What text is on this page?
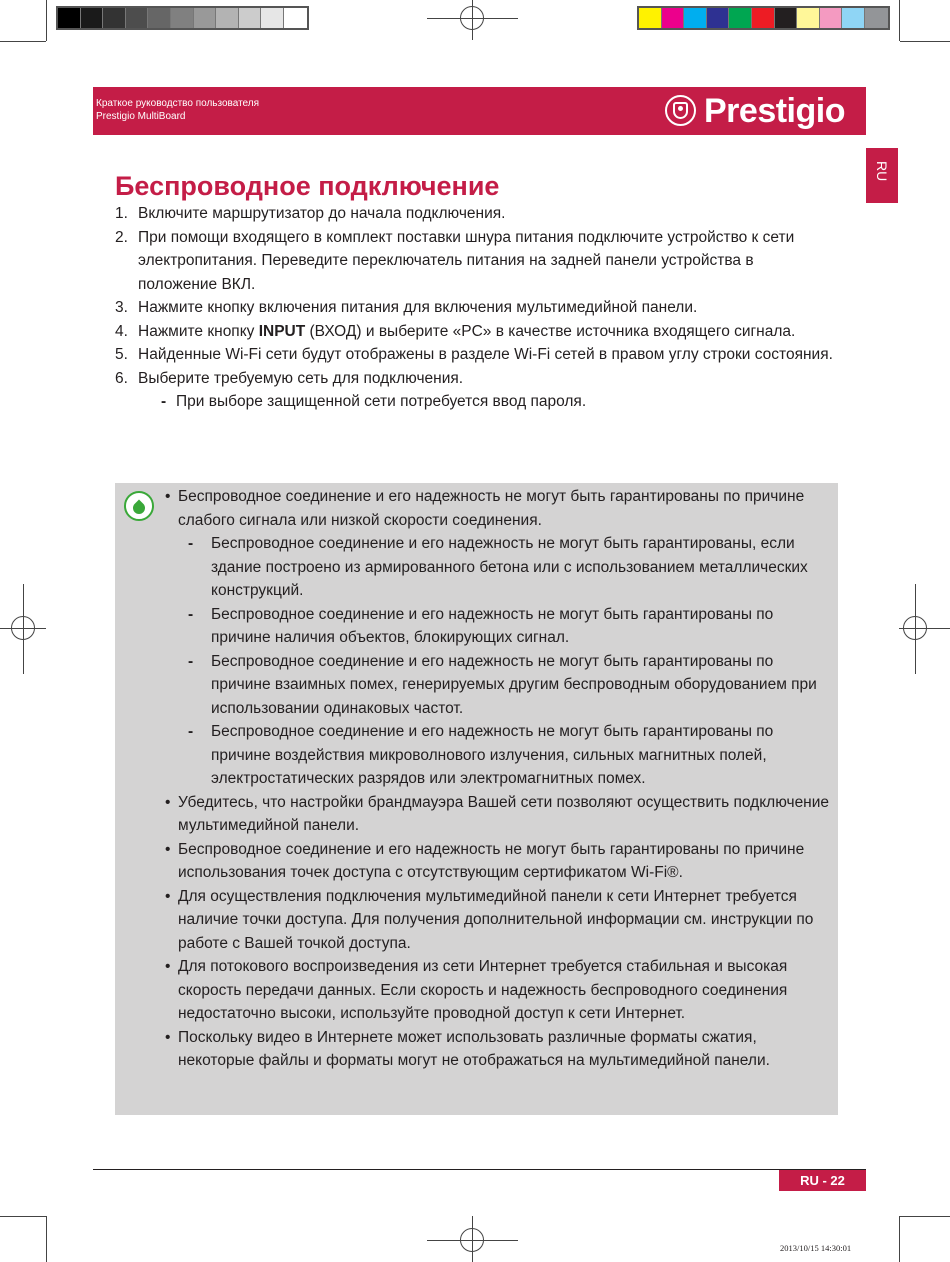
Краткое руководство пользователя
Prestigio MultiBoard	Prestigio
RU
Беспроводное подключение
1. Включите маршрутизатор до начала подключения.
2. При помощи входящего в комплект поставки шнура питания подключите устройство к сети электропитания. Переведите переключатель питания на задней панели устройства в положение ВКЛ.
3. Нажмите кнопку включения питания для включения мультимедийной панели.
4. Нажмите кнопку INPUT (ВХОД) и выберите «PC» в качестве источника входящего сигнала.
5. Найденные Wi-Fi сети будут отображены в разделе Wi-Fi сетей в правом углу строки состояния.
6. Выберите требуемую сеть для подключения.
- При выборе защищенной сети потребуется ввод пароля.
• Беспроводное соединение и его надежность не могут быть гарантированы по причине слабого сигнала или низкой скорости соединения.
- Беспроводное соединение и его надежность не могут быть гарантированы, если здание построено из армированного бетона или с использованием металлических конструкций.
- Беспроводное соединение и его надежность не могут быть гарантированы по причине наличия объектов, блокирующих сигнал.
- Беспроводное соединение и его надежность не могут быть гарантированы по причине взаимных помех, генерируемых другим беспроводным оборудованием при использовании одинаковых частот.
- Беспроводное соединение и его надежность не могут быть гарантированы по причине воздействия микроволнового излучения, сильных магнитных полей, электростатических разрядов или электромагнитных помех.
• Убедитесь, что настройки брандмауэра Вашей сети позволяют осуществить подключение мультимедийной панели.
• Беспроводное соединение и его надежность не могут быть гарантированы по причине использования точек доступа с отсутствующим сертификатом Wi-Fi®.
• Для осуществления подключения мультимедийной панели к сети Интернет требуется наличие точки доступа. Для получения дополнительной информации см. инструкции по работе с Вашей точкой доступа.
• Для потокового воспроизведения из сети Интернет требуется стабильная и высокая скорость передачи данных. Если скорость и надежность беспроводного соединения недостаточно высоки, используйте проводной доступ к сети Интернет.
• Поскольку видео в Интернете может использовать различные форматы сжатия, некоторые файлы и форматы могут не отображаться на мультимедийной панели.
RU - 22
2013/10/15 14:30:01
